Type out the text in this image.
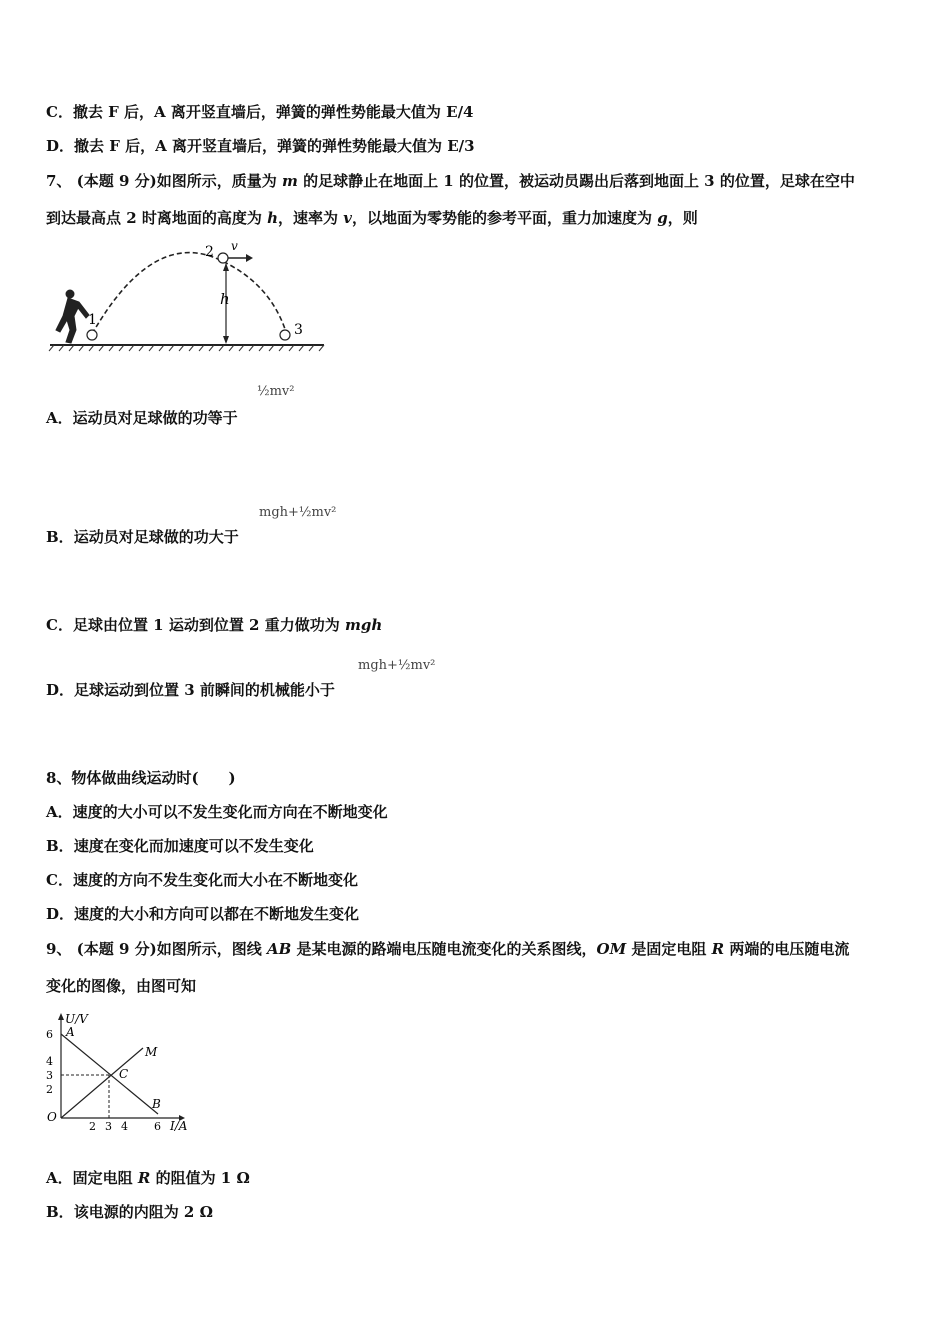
C．撤去 F 后，A 离开竖直墙后，弹簧的弹性势能最大值为 E/4
D．撤去 F 后，A 离开竖直墙后，弹簧的弹性势能最大值为 E/3
7、 (本题 9 分)如图所示，质量为 m 的足球静止在地面上 1 的位置，被运动员踢出后落到地面上 3 的位置，足球在空中
到达最高点 2 时离地面的高度为 h，速率为 v，以地面为零势能的参考平面，重力加速度为 g，则
1
2
3
h
v
A．运动员对足球做的功等于
½mv²
B．运动员对足球做的功大于
mgh+½mv²
C．足球由位置 1 运动到位置 2 重力做功为 mgh
D．足球运动到位置 3 前瞬间的机械能小于
mgh+½mv²
8、物体做曲线运动时(　　)
A．速度的大小可以不发生变化而方向在不断地变化
B．速度在变化而加速度可以不发生变化
C．速度的方向不发生变化而大小在不断地变化
D．速度的大小和方向可以都在不断地发生变化
9、 (本题 9 分)如图所示，图线 AB 是某电源的路端电压随电流变化的关系图线，OM 是固定电阻 R 两端的电压随电流
变化的图像，由图可知
U/V
I/A
6
4
3
2
2 3 4 6
O
A
B
C
M
A．固定电阻 R 的阻值为 1 Ω
B．该电源的内阻为 2 Ω
